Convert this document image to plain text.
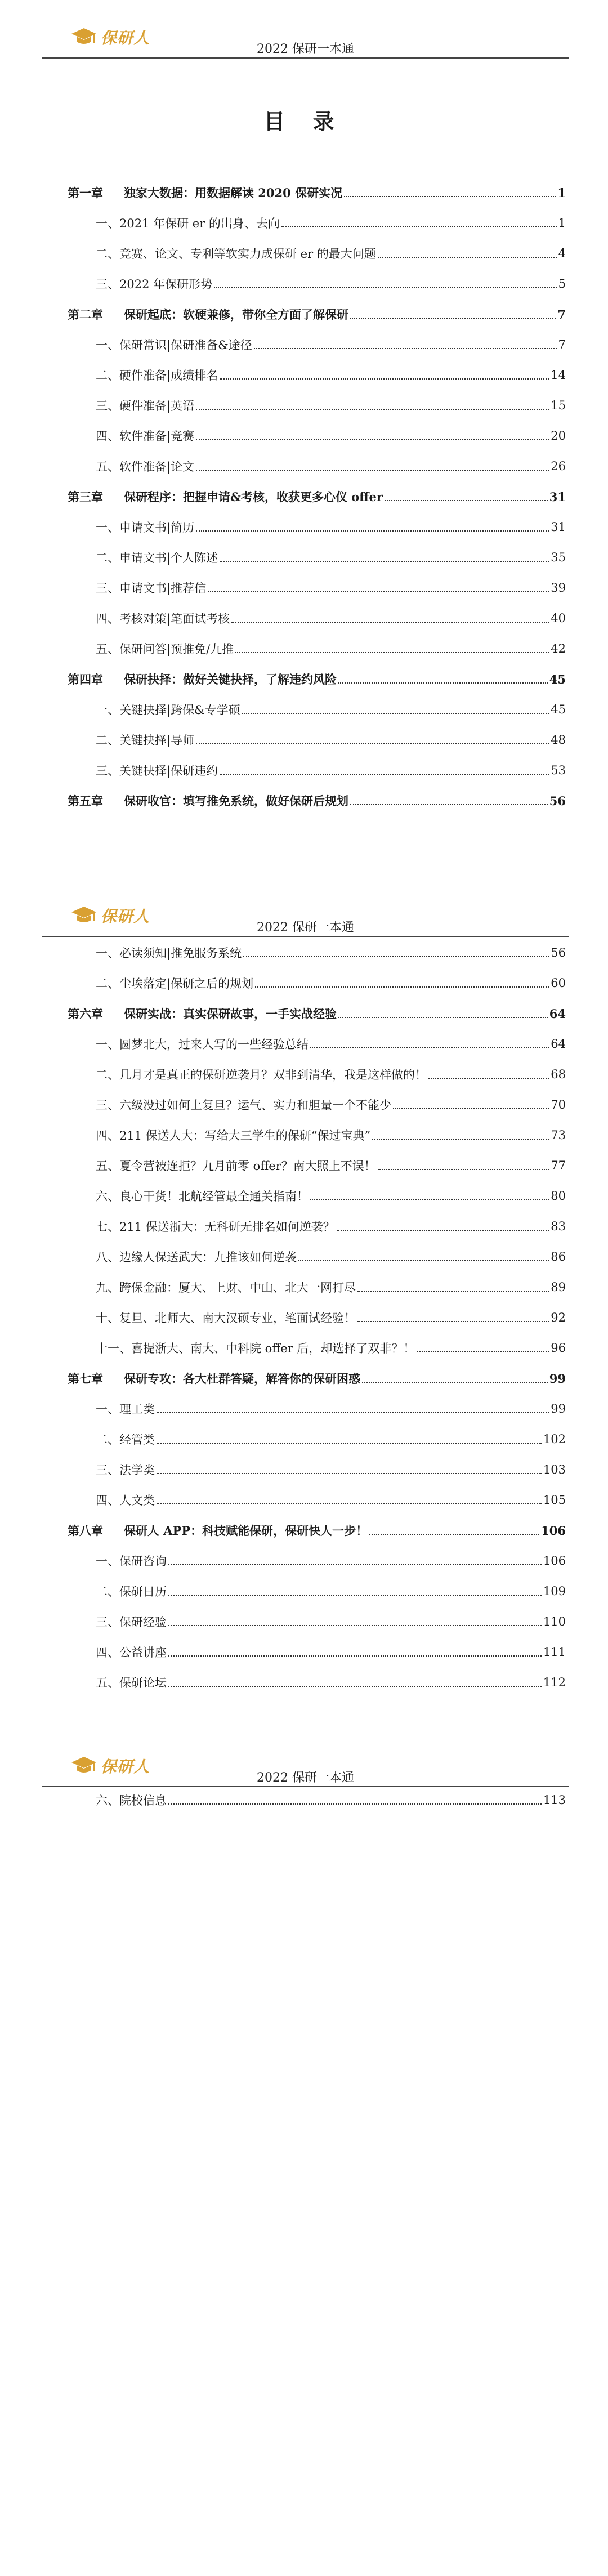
保研人
2022 保研一本通
目 录
第一章	独家大数据：用数据解读 2020 保研实况	1
一、2021 年保研 er 的出身、去向	1
二、竞赛、论文、专利等软实力成保研 er 的最大问题	4
三、2022 年保研形势	5
第二章	保研起底：软硬兼修，带你全方面了解保研	7
一、保研常识|保研准备&途径	7
二、硬件准备|成绩排名	14
三、硬件准备|英语	15
四、软件准备|竞赛	20
五、软件准备|论文	26
第三章	保研程序：把握申请&考核，收获更多心仪 offer	31
一、申请文书|简历	31
二、申请文书|个人陈述	35
三、申请文书|推荐信	39
四、考核对策|笔面试考核	40
五、保研问答|预推免/九推	42
第四章	保研抉择：做好关键抉择，了解违约风险	45
一、关键抉择|跨保&专学硕	45
二、关键抉择|导师	48
三、关键抉择|保研违约	53
第五章	保研收官：填写推免系统，做好保研后规划	56
保研人
2022 保研一本通
一、必读须知|推免服务系统	56
二、尘埃落定|保研之后的规划	60
第六章	保研实战：真实保研故事，一手实战经验	64
一、圆梦北大，过来人写的一些经验总结	64
二、几月才是真正的保研逆袭月？双非到清华，我是这样做的！	68
三、六级没过如何上复旦？运气、实力和胆量一个不能少	70
四、211 保送人大：写给大三学生的保研“保过宝典”	73
五、夏令营被连拒？九月前零 offer？南大照上不误！	77
六、良心干货！北航经管最全通关指南！	80
七、211 保送浙大：无科研无排名如何逆袭？	83
八、边缘人保送武大：九推该如何逆袭	86
九、跨保金融：厦大、上财、中山、北大一网打尽	89
十、复旦、北师大、南大汉硕专业，笔面试经验！	92
十一、喜提浙大、南大、中科院 offer 后，却选择了双非？！	96
第七章	保研专攻：各大杜群答疑，解答你的保研困惑	99
一、理工类	99
二、经管类	102
三、法学类	103
四、人文类	105
第八章	保研人 APP：科技赋能保研，保研快人一步！	106
一、保研咨询	106
二、保研日历	109
三、保研经验	110
四、公益讲座	111
五、保研论坛	112
保研人
2022 保研一本通
六、院校信息	113
